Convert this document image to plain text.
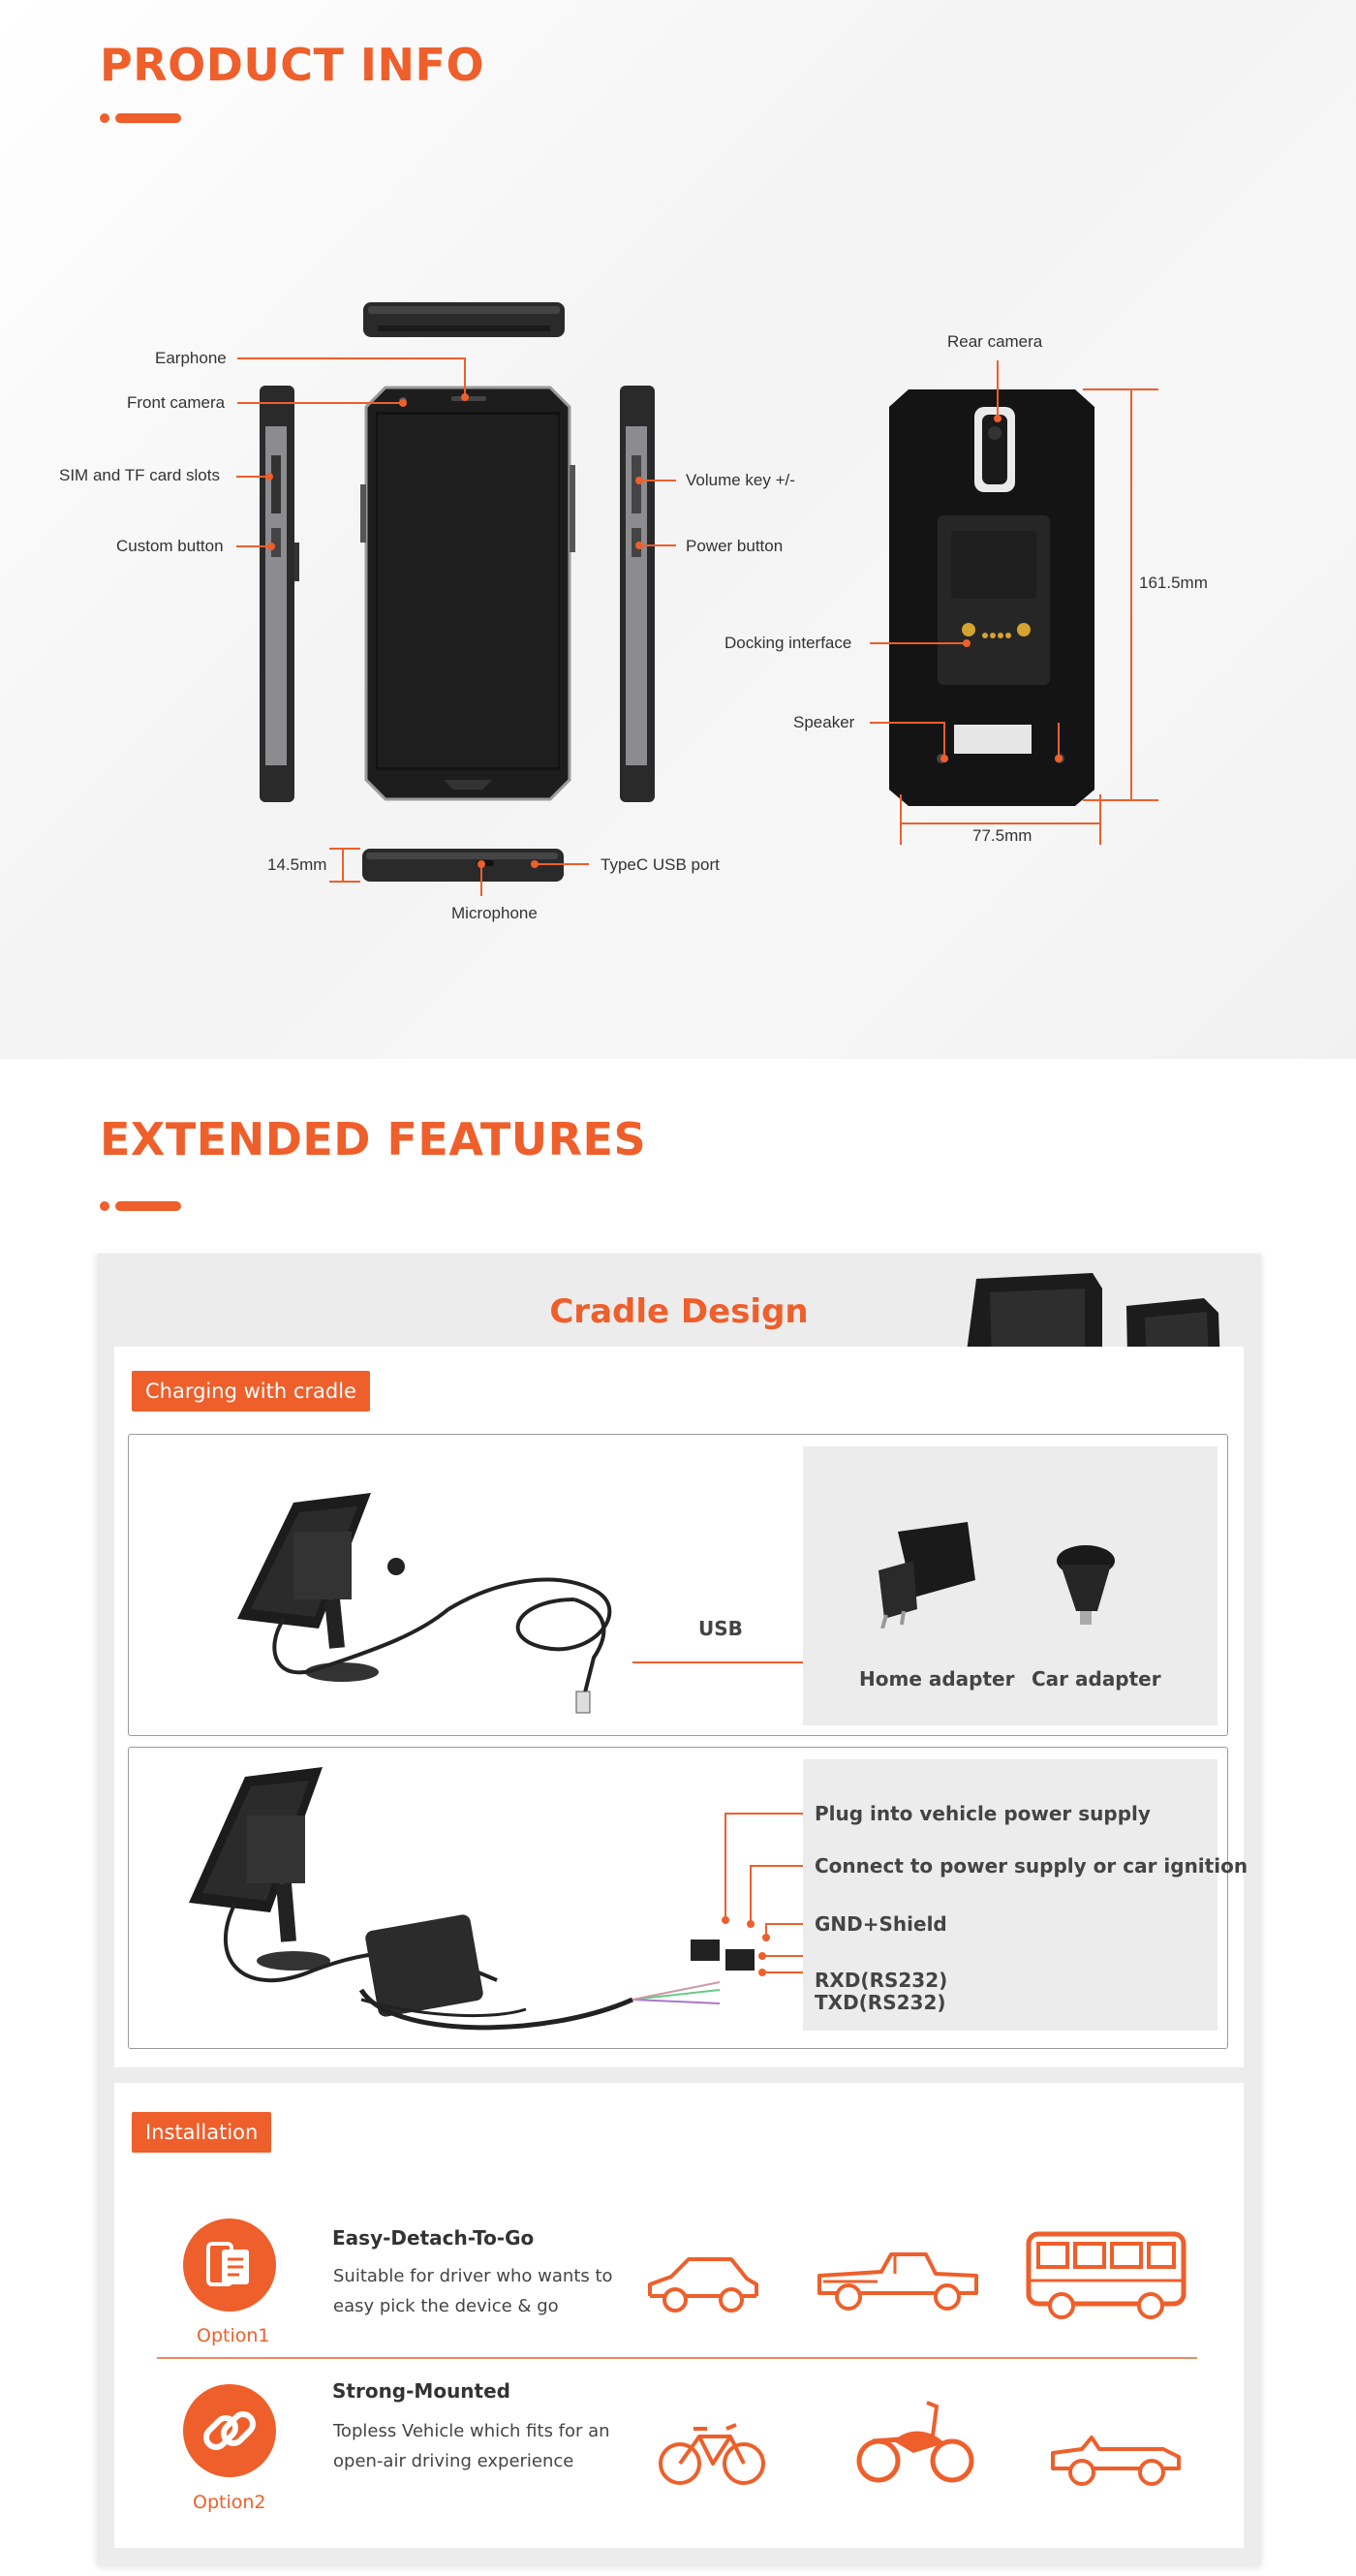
PRODUCT INFO
Earphone
Front camera
SIM and TF card slots
Custom button
Volume key +/-
Power button
Rear camera
Docking interface
Speaker
161.5mm
77.5mm
14.5mm	TypeC USB port
Microphone
EXTENDED FEATURES
Cradle Design
Charging with cradle
USB
Home adapter Car adapter
Plug into vehicle power supply
Connect to power supply or car ignition
GND+Shield
RXD(RS232)
TXD(RS232)
Installation
Option1
Easy-Detach-To-Go
Suitable for driver who wants to easy pick the device & go
Option2
Strong-Mounted
Topless Vehicle which fits for an open-air driving experience
